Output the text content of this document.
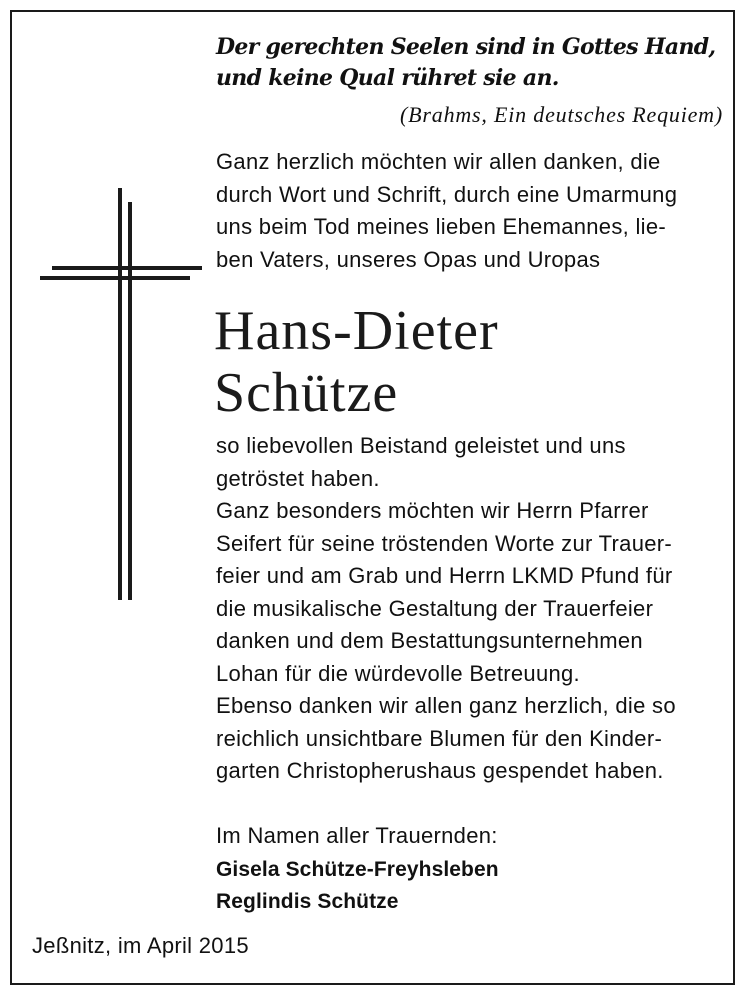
Der gerechten Seelen sind in Gottes Hand,
und keine Qual rühret sie an.
(Brahms, Ein deutsches Requiem)
Ganz herzlich möchten wir allen danken, die
durch Wort und Schrift, durch eine Umarmung
uns beim Tod meines lieben Ehemannes, lie-
ben Vaters, unseres Opas und Uropas
Hans-Dieter
Schütze
so liebevollen Beistand geleistet und uns
getröstet haben.
Ganz besonders möchten wir Herrn Pfarrer
Seifert für seine tröstenden Worte zur Trauer-
feier und am Grab und Herrn LKMD Pfund für
die musikalische Gestaltung der Trauerfeier
danken und dem Bestattungsunternehmen
Lohan für die würdevolle Betreuung.
Ebenso danken wir allen ganz herzlich, die so
reichlich unsichtbare Blumen für den Kinder-
garten Christopherushaus gespendet haben.
Im Namen aller Trauernden:
Gisela Schütze-Freyhsleben
Reglindis Schütze
Jeßnitz, im April 2015
